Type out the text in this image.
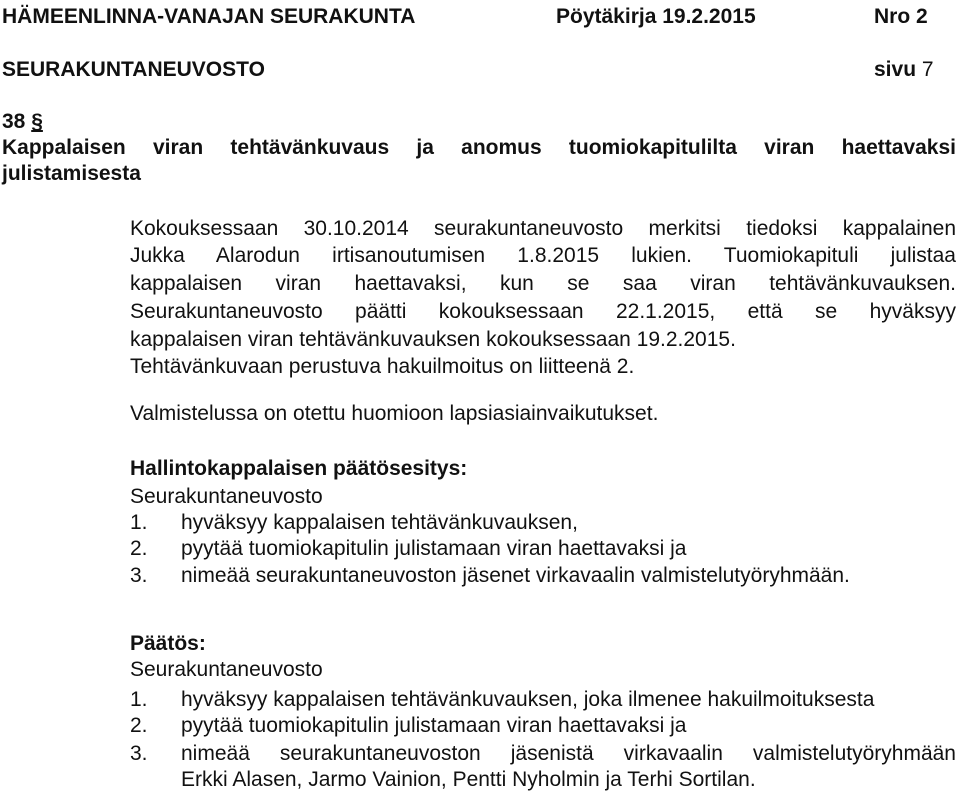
HÄMEENLINNA-VANAJAN SEURAKUNTA	Pöytäkirja 19.2.2015	Nro 2
SEURAKUNTANEUVOSTO	sivu 7
38 §
Kappalaisen viran tehtävänkuvaus ja anomus tuomiokapitulilta viran haettavaksi
julistamisesta
Kokouksessaan 30.10.2014 seurakuntaneuvosto merkitsi tiedoksi kappalainen
Jukka Alarodun irtisanoutumisen 1.8.2015 lukien. Tuomiokapituli julistaa
kappalaisen viran haettavaksi, kun se saa viran tehtävänkuvauksen.
Seurakuntaneuvosto päätti kokouksessaan 22.1.2015, että se hyväksyy
kappalaisen viran tehtävänkuvauksen kokouksessaan 19.2.2015.
Tehtävänkuvaan perustuva hakuilmoitus on liitteenä 2.
Valmistelussa on otettu huomioon lapsiasiainvaikutukset.
Hallintokappalaisen päätösesitys:
Seurakuntaneuvosto
1.	hyväksyy kappalaisen tehtävänkuvauksen,
2.	pyytää tuomiokapitulin julistamaan viran haettavaksi ja
3.	nimeää seurakuntaneuvoston jäsenet virkavaalin valmistelutyöryhmään.
Päätös:
Seurakuntaneuvosto
1.	hyväksyy kappalaisen tehtävänkuvauksen, joka ilmenee hakuilmoituksesta
2.	pyytää tuomiokapitulin julistamaan viran haettavaksi ja
3.	nimeää seurakuntaneuvoston jäsenistä virkavaalin valmistelutyöryhmään
Erkki Alasen, Jarmo Vainion, Pentti Nyholmin ja Terhi Sortilan.
